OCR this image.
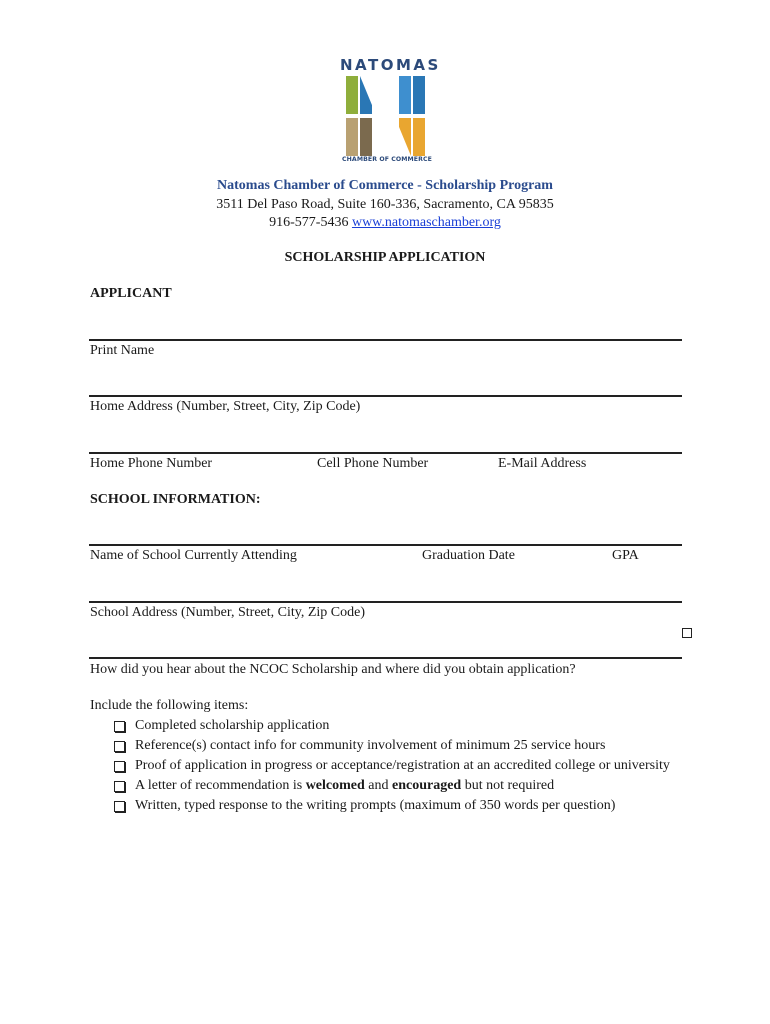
NATOMAS
CHAMBER OF COMMERCE
Natomas Chamber of Commerce - Scholarship Program
3511 Del Paso Road, Suite 160-336, Sacramento, CA 95835
916-577-5436 www.natomaschamber.org
SCHOLARSHIP APPLICATION
APPLICANT
Print Name
Home Address (Number, Street, City, Zip Code)
Home Phone Number	Cell Phone Number	E-Mail Address
SCHOOL INFORMATION:
Name of School Currently Attending	Graduation Date	GPA
School Address (Number, Street, City, Zip Code)
How did you hear about the NCOC Scholarship and where did you obtain application?
Include the following items:
Completed scholarship application
Reference(s) contact info for community involvement of minimum 25 service hours
Proof of application in progress or acceptance/registration at an accredited college or university
A letter of recommendation is welcomed and encouraged but not required
Written, typed response to the writing prompts (maximum of 350 words per question)
